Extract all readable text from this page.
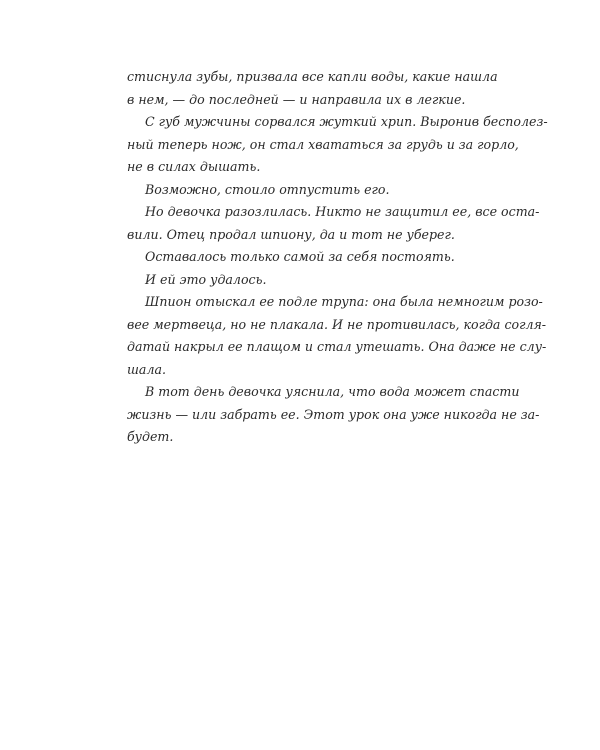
стиснула зубы, призвала все капли воды, какие нашла
в нем, — до последней — и направила их в легкие.
С губ мужчины сорвался жуткий хрип. Выронив бесполез-
ный теперь нож, он стал хвататься за грудь и за горло,
не в силах дышать.
Возможно, стоило отпустить его.
Но девочка разозлилась. Никто не защитил ее, все оста-
вили. Отец продал шпиону, да и тот не уберег.
Оставалось только самой за себя постоять.
И ей это удалось.
Шпион отыскал ее подле трупа: она была немногим розо-
вее мертвеца, но не плакала. И не противилась, когда согля-
датай накрыл ее плащом и стал утешать. Она даже не слу-
шала.
В тот день девочка уяснила, что вода может спасти
жизнь — или забрать ее. Этот урок она уже никогда не за-
будет.
